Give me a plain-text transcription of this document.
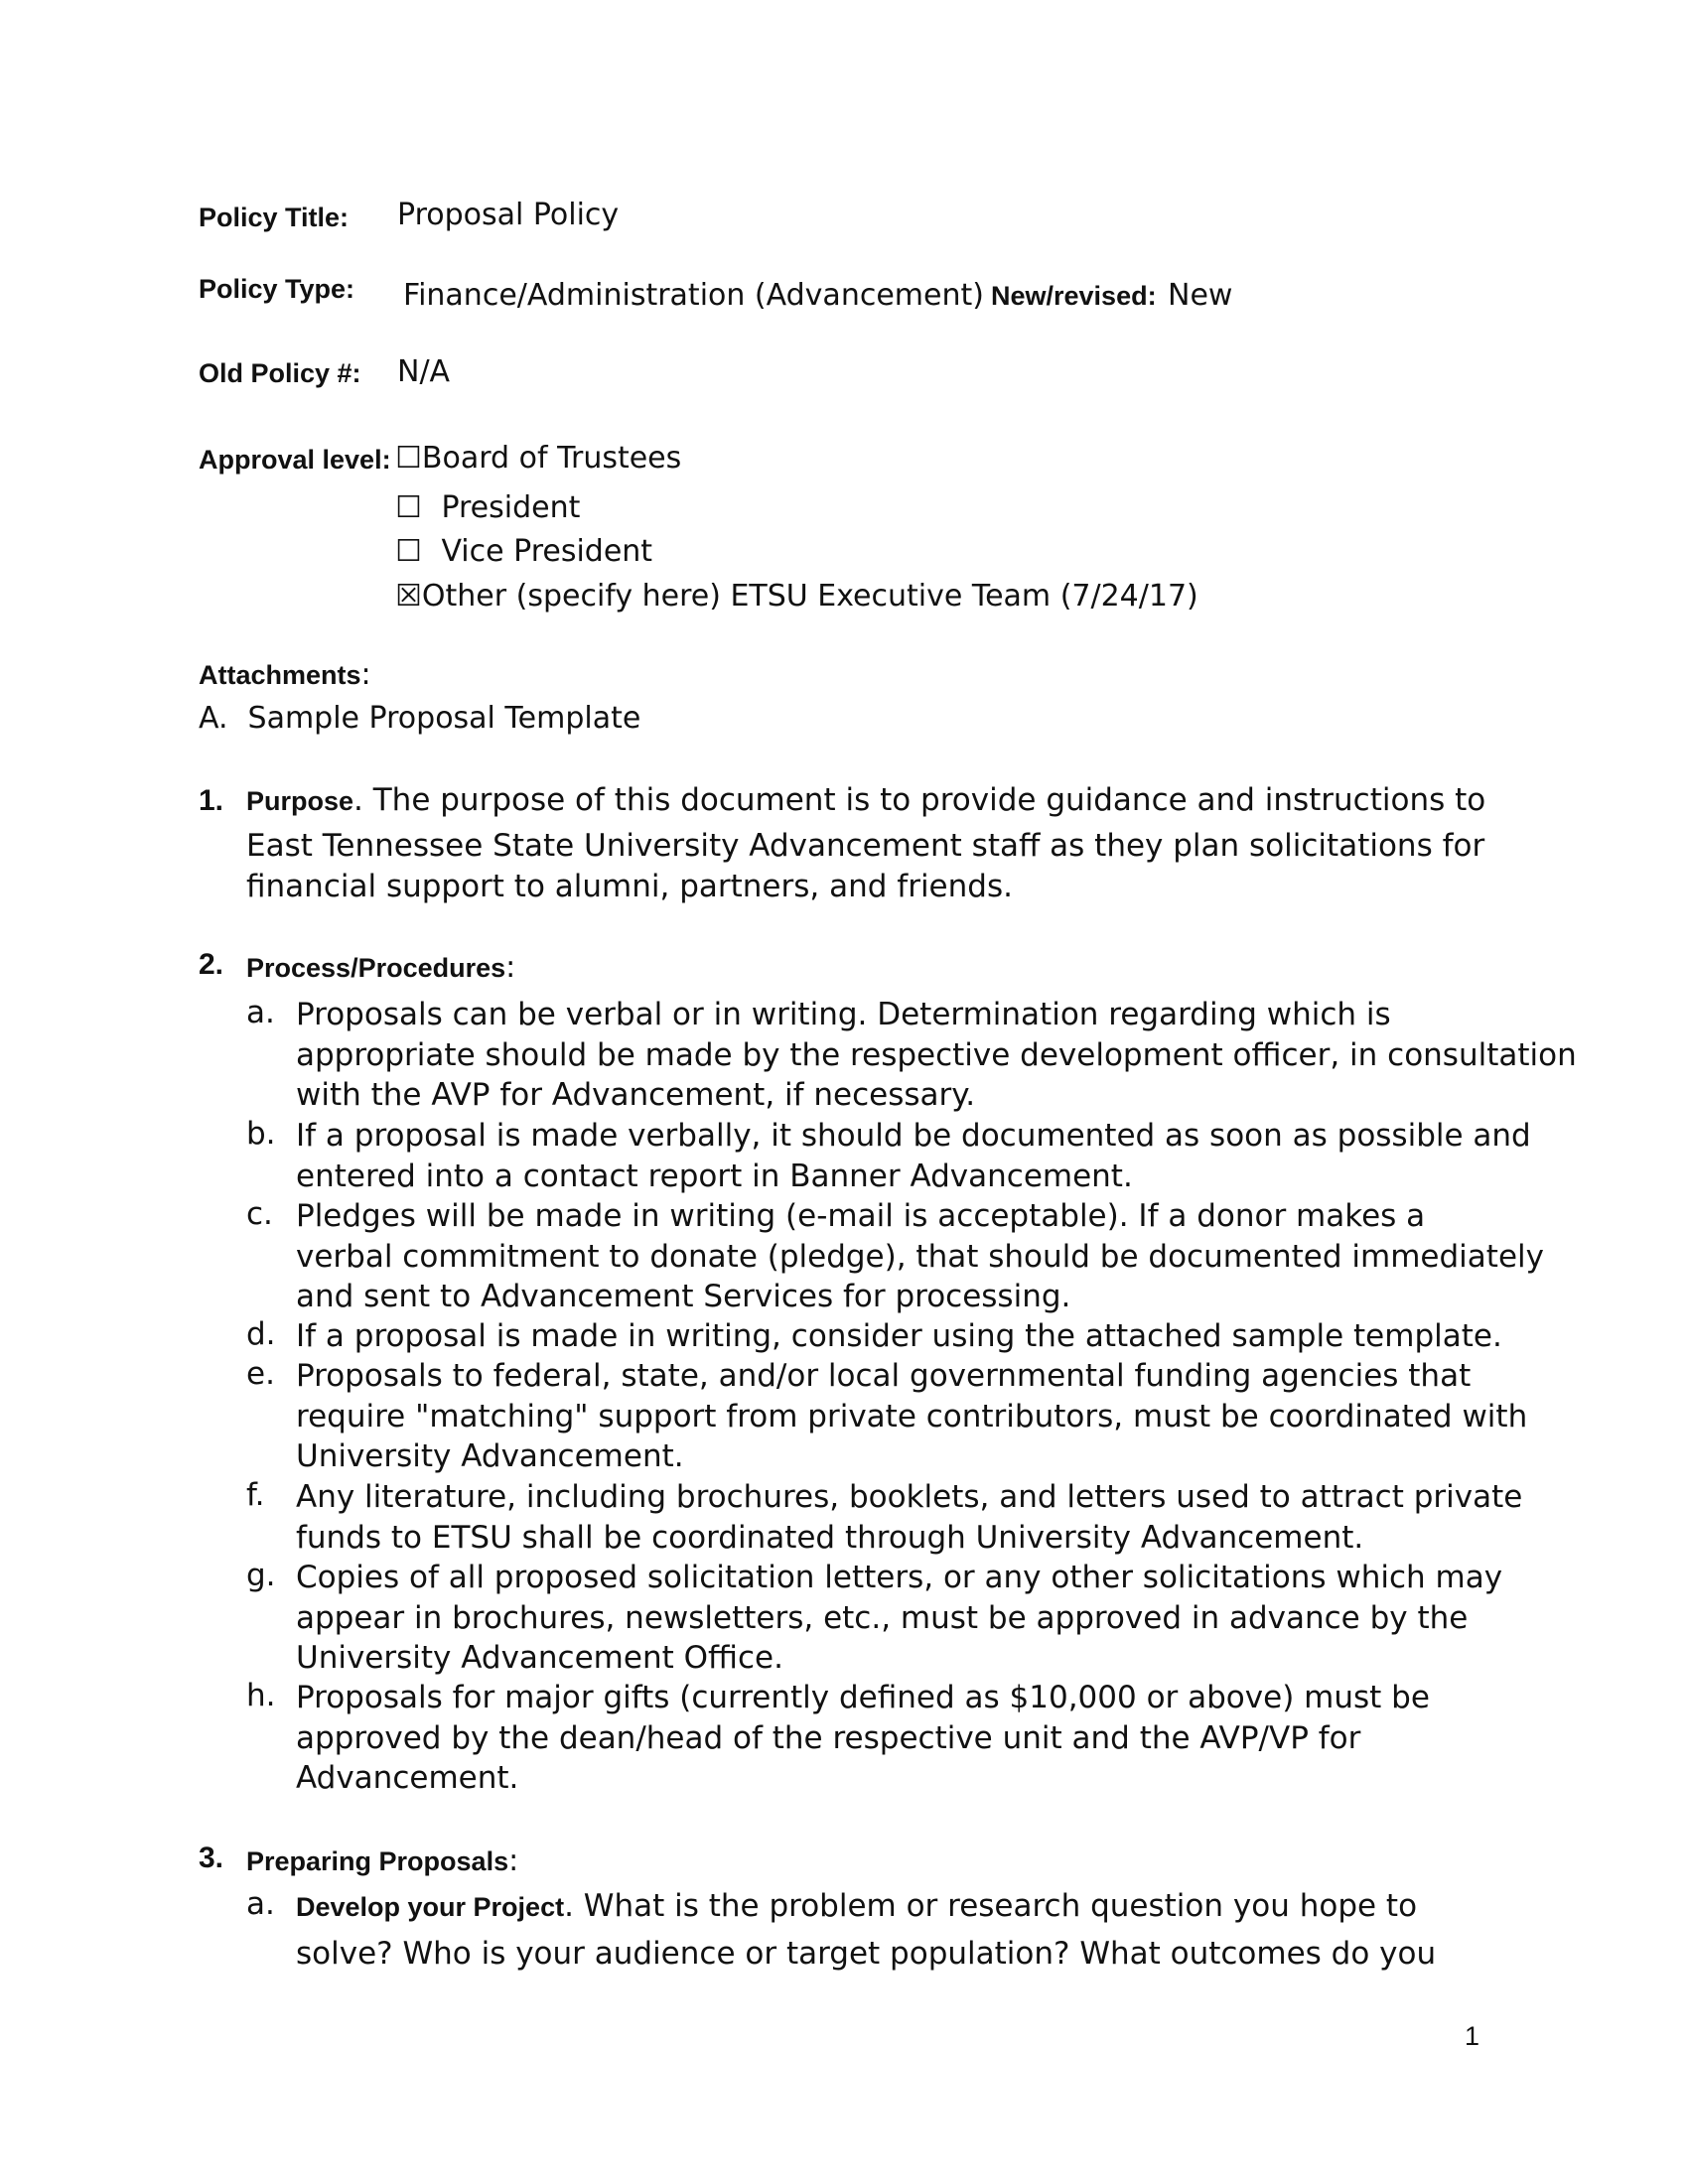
Policy Title: Proposal Policy
Policy Type: Finance/Administration (Advancement) New/revised: New
Old Policy #: N/A
Approval level: ☐Board of Trustees
☐ President
☐ Vice President
☒Other (specify here) ETSU Executive Team (7/24/17)
Attachments:
A. Sample Proposal Template
1. Purpose. The purpose of this document is to provide guidance and instructions to
East Tennessee State University Advancement staff as they plan solicitations for
financial support to alumni, partners, and friends.
2. Process/Procedures:
a. Proposals can be verbal or in writing. Determination regarding which is
appropriate should be made by the respective development officer, in consultation
with the AVP for Advancement, if necessary.
b. If a proposal is made verbally, it should be documented as soon as possible and
entered into a contact report in Banner Advancement.
c. Pledges will be made in writing (e-mail is acceptable). If a donor makes a
verbal commitment to donate (pledge), that should be documented immediately
and sent to Advancement Services for processing.
d. If a proposal is made in writing, consider using the attached sample template.
e. Proposals to federal, state, and/or local governmental funding agencies that
require "matching" support from private contributors, must be coordinated with
University Advancement.
f.	Any literature, including brochures, booklets, and letters used to attract private
funds to ETSU shall be coordinated through University Advancement.
g. Copies of all proposed solicitation letters, or any other solicitations which may
appear in brochures, newsletters, etc., must be approved in advance by the
University Advancement Office.
h. Proposals for major gifts (currently defined as $10,000 or above) must be
approved by the dean/head of the respective unit and the AVP/VP for
Advancement.
3. Preparing Proposals:
a. Develop your Project. What is the problem or research question you hope to
solve? Who is your audience or target population? What outcomes do you
1
